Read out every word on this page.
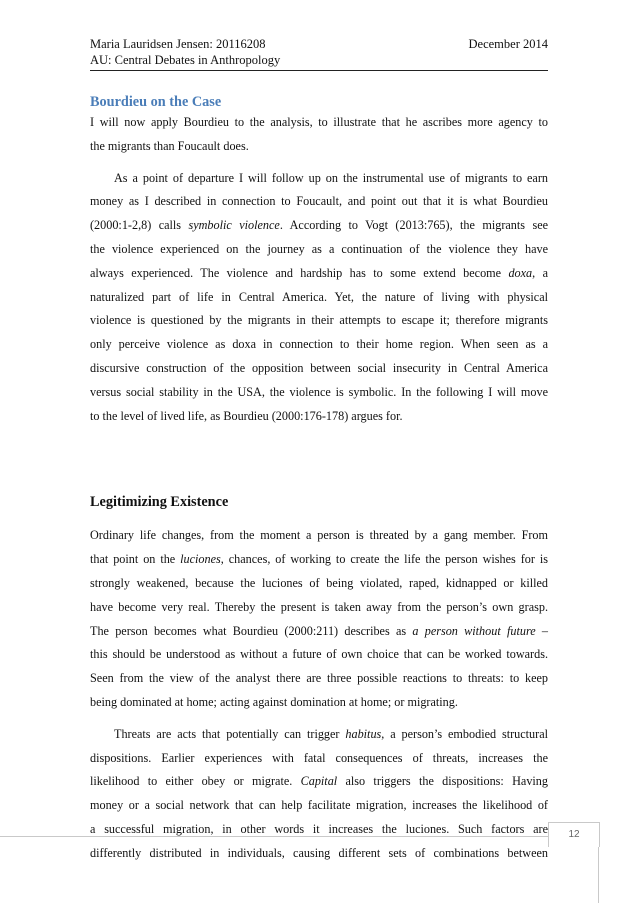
Maria Lauridsen Jensen: 20116208	December 2014
AU: Central Debates in Anthropology
Bourdieu on the Case
I will now apply Bourdieu to the analysis, to illustrate that he ascribes more agency to
the migrants than Foucault does.
As a point of departure I will follow up on the instrumental use of migrants to earn
money as I described in connection to Foucault, and point out that it is what Bourdieu
(2000:1-2,8) calls symbolic violence. According to Vogt (2013:765), the migrants see
the violence experienced on the journey as a continuation of the violence they have
always experienced. The violence and hardship has to some extend become doxa, a
naturalized part of life in Central America. Yet, the nature of living with physical
violence is questioned by the migrants in their attempts to escape it; therefore migrants
only perceive violence as doxa in connection to their home region. When seen as a
discursive construction of the opposition between social insecurity in Central America
versus social stability in the USA, the violence is symbolic. In the following I will move
to the level of lived life, as Bourdieu (2000:176-178) argues for.
Legitimizing Existence
Ordinary life changes, from the moment a person is threated by a gang member. From
that point on the luciones, chances, of working to create the life the person wishes for is
strongly weakened, because the luciones of being violated, raped, kidnapped or killed
have become very real. Thereby the present is taken away from the person’s own grasp.
The person becomes what Bourdieu (2000:211) describes as a person without future –
this should be understood as without a future of own choice that can be worked towards.
Seen from the view of the analyst there are three possible reactions to threats: to keep
being dominated at home; acting against domination at home; or migrating.
Threats are acts that potentially can trigger habitus, a person’s embodied structural
dispositions. Earlier experiences with fatal consequences of threats, increases the
likelihood to either obey or migrate. Capital also triggers the dispositions: Having
money or a social network that can help facilitate migration, increases the likelihood of
a successful migration, in other words it increases the luciones. Such factors are
differently distributed in individuals, causing different sets of combinations between
12
